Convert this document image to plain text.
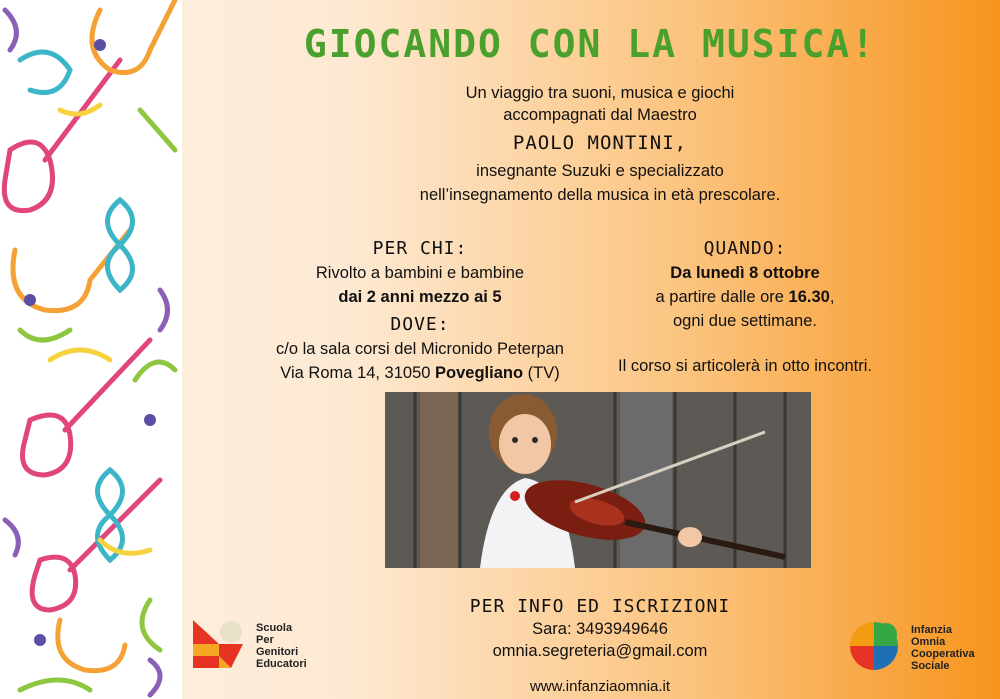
GIOCANDO CON LA MUSICA!
Un viaggio tra suoni, musica e giochi
accompagnati dal Maestro
PAOLO MONTINI,
insegnante Suzuki e specializzato
nell’insegnamento della musica in età prescolare.
PER CHI:
Rivolto a bambini e bambine
dai 2 anni mezzo ai 5
DOVE:
c/o la sala corsi del Micronido Peterpan
Via Roma 14, 31050 Povegliano (TV)
QUANDO:
Da lunedì 8 ottobre
a partire dalle ore 16.30,
ogni due settimane.
Il corso si articolerà in otto incontri.
PER INFO ED ISCRIZIONI
Sara: 3493949646
omnia.segreteria@gmail.com
www.infanziaomnia.it
Scuola
Per
Genitori
Educatori
Infanzia
Omnia
Cooperativa
Sociale
